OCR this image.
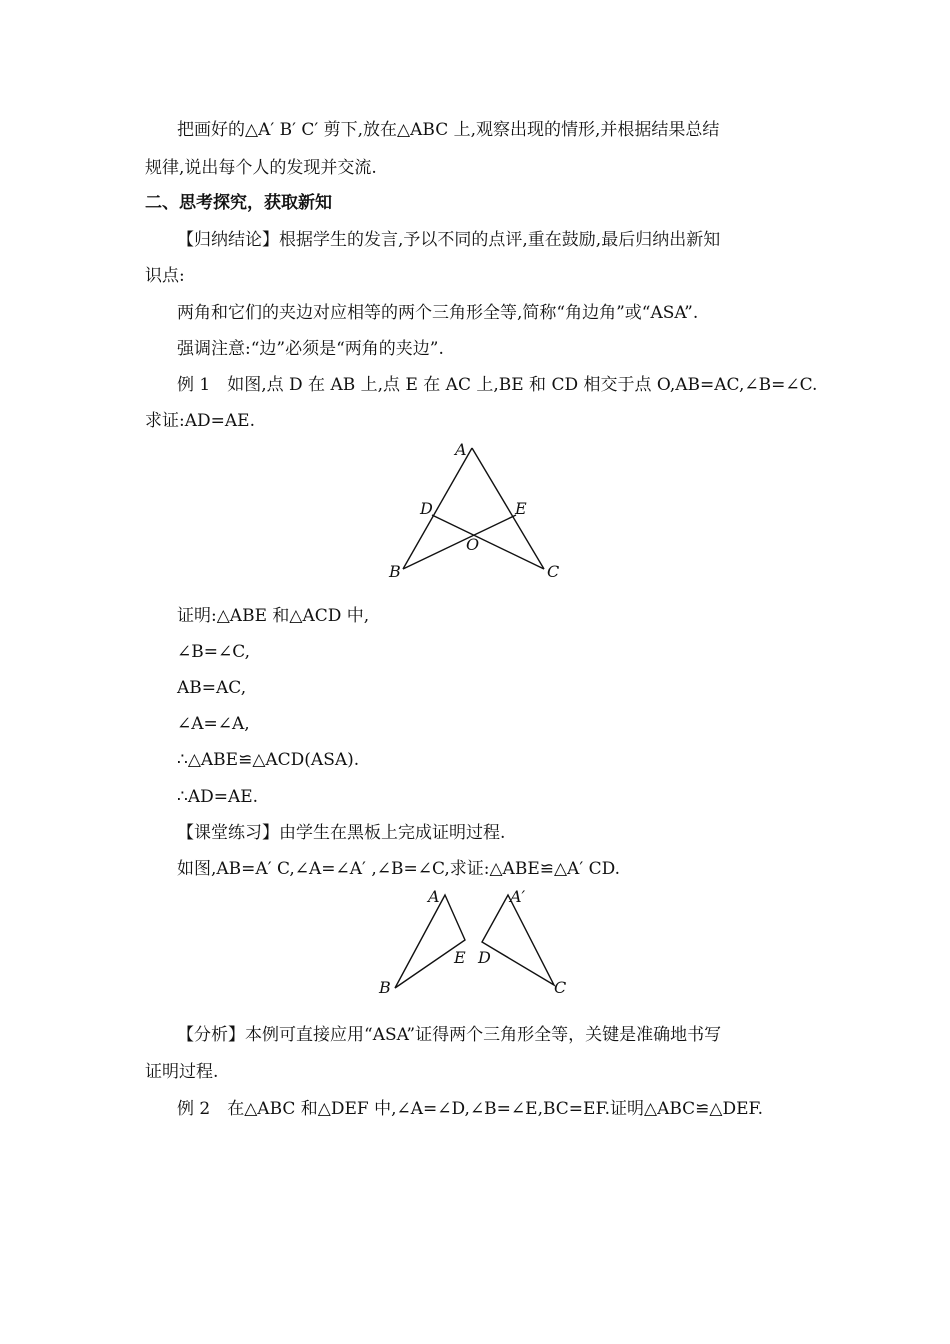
把画好的△A′ B′ C′ 剪下,放在△ABC 上,观察出现的情形,并根据结果总结
规律,说出每个人的发现并交流.
二、思考探究，获取新知
【归纳结论】根据学生的发言,予以不同的点评,重在鼓励,最后归纳出新知
识点:
两角和它们的夹边对应相等的两个三角形全等,简称“角边角”或“ASA”.
强调注意:“边”必须是“两角的夹边”.
例 1　如图,点 D 在 AB 上,点 E 在 AC 上,BE 和 CD 相交于点 O,AB=AC,∠B=∠C.
求证:AD=AE.
A
D	E
O
B	C
证明:△ABE 和△ACD 中,
∠B=∠C,
AB=AC,
∠A=∠A,
∴△ABE≌△ACD(ASA).
∴AD=AE.
【课堂练习】由学生在黑板上完成证明过程.
如图,AB=A′ C,∠A=∠A′ ,∠B=∠C,求证:△ABE≌△A′ CD.
A
E
B
A′
D
C
【分析】本例可直接应用“ASA”证得两个三角形全等，关键是准确地书写
证明过程.
例 2　在△ABC 和△DEF 中,∠A=∠D,∠B=∠E,BC=EF.证明△ABC≌△DEF.
